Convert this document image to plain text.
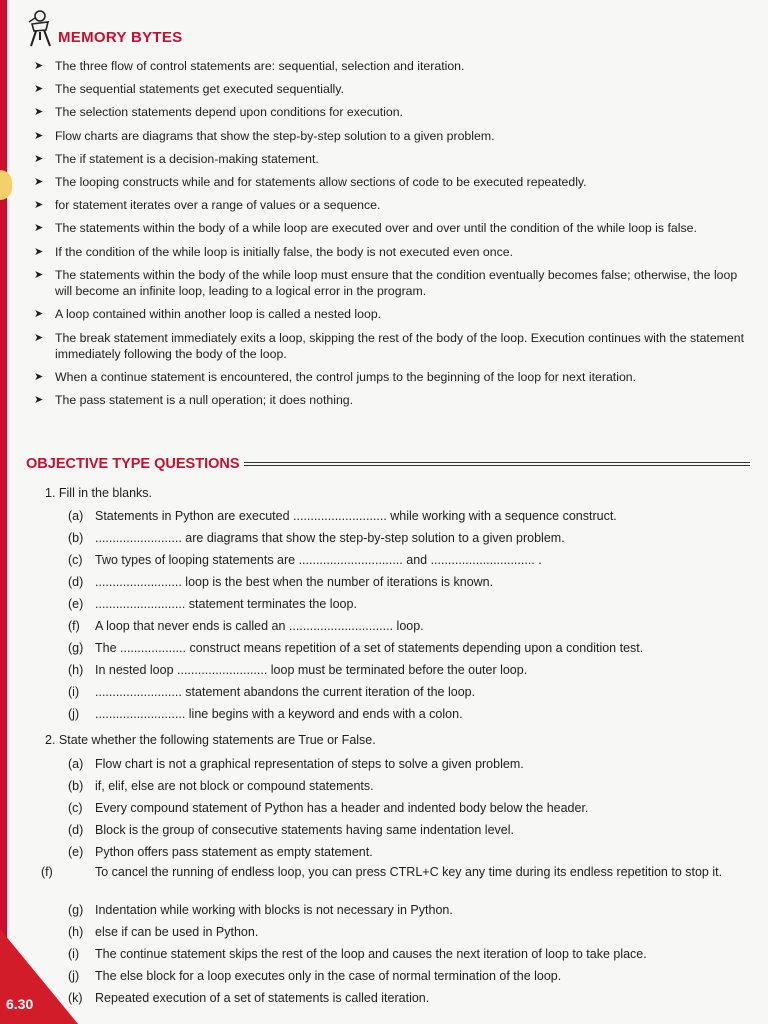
MEMORY BYTES
➤ The three flow of control statements are: sequential, selection and iteration.
➤ The sequential statements get executed sequentially.
➤ The selection statements depend upon conditions for execution.
➤ Flow charts are diagrams that show the step-by-step solution to a given problem.
➤ The if statement is a decision-making statement.
➤ The looping constructs while and for statements allow sections of code to be executed repeatedly.
➤ for statement iterates over a range of values or a sequence.
➤ The statements within the body of a while loop are executed over and over until the condition of the while loop is false.
➤ If the condition of the while loop is initially false, the body is not executed even once.
➤ The statements within the body of the while loop must ensure that the condition eventually becomes false; otherwise, the loop will become an infinite loop, leading to a logical error in the program.
➤ A loop contained within another loop is called a nested loop.
➤ The break statement immediately exits a loop, skipping the rest of the body of the loop. Execution continues with the statement immediately following the body of the loop.
➤ When a continue statement is encountered, the control jumps to the beginning of the loop for next iteration.
➤ The pass statement is a null operation; it does nothing.
OBJECTIVE TYPE QUESTIONS
1. Fill in the blanks.
(a) Statements in Python are executed ........................... while working with a sequence construct.
(b) ......................... are diagrams that show the step-by-step solution to a given problem.
(c) Two types of looping statements are .............................. and .............................. .
(d) ......................... loop is the best when the number of iterations is known.
(e) .......................... statement terminates the loop.
(f) A loop that never ends is called an .............................. loop.
(g) The ................... construct means repetition of a set of statements depending upon a condition test.
(h) In nested loop .......................... loop must be terminated before the outer loop.
(i) ......................... statement abandons the current iteration of the loop.
(j) .......................... line begins with a keyword and ends with a colon.
2. State whether the following statements are True or False.
(a) Flow chart is not a graphical representation of steps to solve a given problem.
(b) if, elif, else are not block or compound statements.
(c) Every compound statement of Python has a header and indented body below the header.
(d) Block is the group of consecutive statements having same indentation level.
(e) Python offers pass statement as empty statement.
(f)	To cancel the running of endless loop, you can press CTRL+C key any time during its endless repetition to stop it.
(g) Indentation while working with blocks is not necessary in Python.
(h) else if can be used in Python.
(i) The continue statement skips the rest of the loop and causes the next iteration of loop to take place.
(j) The else block for a loop executes only in the case of normal termination of the loop.
(k) Repeated execution of a set of statements is called iteration.
6.30
